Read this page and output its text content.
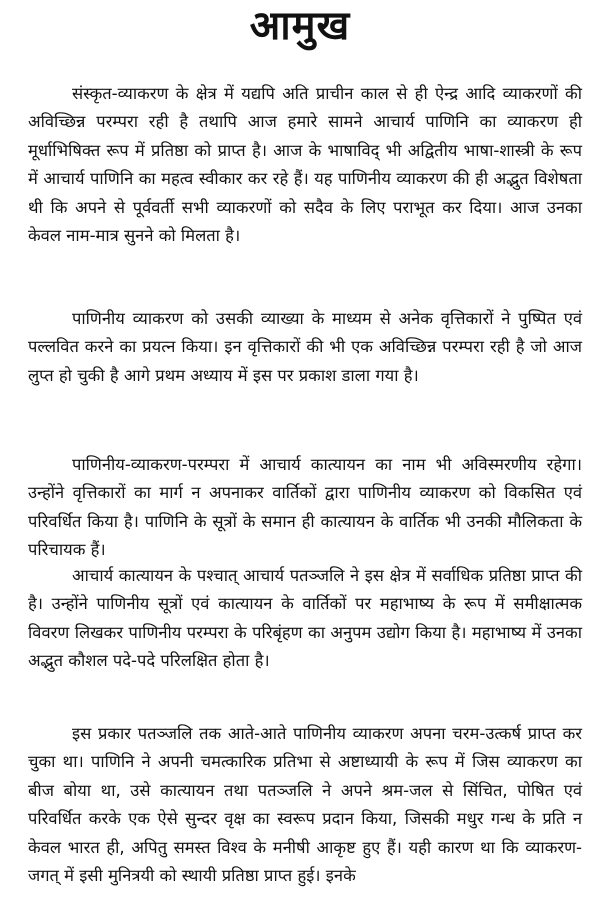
आमुख

संस्कृत-व्याकरण के क्षेत्र में यद्यपि अति प्राचीन काल से ही ऐन्द्र आदि व्याकरणों की अविच्छिन्न परम्परा रही है तथापि आज हमारे सामने आचार्य पाणिनि का व्याकरण ही मूर्धाभिषिक्त रूप में प्रतिष्ठा को प्राप्त है। आज के भाषाविद् भी अद्वितीय भाषा-शास्त्री के रूप में आचार्य पाणिनि का महत्व स्वीकार कर रहे हैं। यह पाणिनीय व्याकरण की ही अद्भुत विशेषता थी कि अपने से पूर्ववर्ती सभी व्याकरणों को सदैव के लिए पराभूत कर दिया। आज उनका केवल नाम-मात्र सुनने को मिलता है।

पाणिनीय व्याकरण को उसकी व्याख्या के माध्यम से अनेक वृत्तिकारों ने पुष्पित एवं पल्लवित करने का प्रयत्न किया। इन वृत्तिकारों की भी एक अविच्छिन्न परम्परा रही है जो आज लुप्त हो चुकी है आगे प्रथम अध्याय में इस पर प्रकाश डाला गया है।

पाणिनीय-व्याकरण-परम्परा में आचार्य कात्यायन का नाम भी अविस्मरणीय रहेगा। उन्होंने वृत्तिकारों का मार्ग न अपनाकर वार्तिकों द्वारा पाणिनीय व्याकरण को विकसित एवं परिवर्धित किया है। पाणिनि के सूत्रों के समान ही कात्यायन के वार्तिक भी उनकी मौलिकता के परिचायक हैं।

आचार्य कात्यायन के पश्चात् आचार्य पतञ्जलि ने इस क्षेत्र में सर्वाधिक प्रतिष्ठा प्राप्त की है। उन्होंने पाणिनीय सूत्रों एवं कात्यायन के वार्तिकों पर महाभाष्य के रूप में समीक्षात्मक विवरण लिखकर पाणिनीय परम्परा के परिबृंहण का अनुपम उद्योग किया है। महाभाष्य में उनका अद्भुत कौशल पदे-पदे परिलक्षित होता है।

इस प्रकार पतञ्जलि तक आते-आते पाणिनीय व्याकरण अपना चरम-उत्कर्ष प्राप्त कर चुका था। पाणिनि ने अपनी चमत्कारिक प्रतिभा से अष्टाध्यायी के रूप में जिस व्याकरण का बीज बोया था, उसे कात्यायन तथा पतञ्जलि ने अपने श्रम-जल से सिंचित, पोषित एवं परिवर्धित करके एक ऐसे सुन्दर वृक्ष का स्वरूप प्रदान किया, जिसकी मधुर गन्ध के प्रति न केवल भारत ही, अपितु समस्त विश्व के मनीषी आकृष्ट हुए हैं। यही कारण था कि व्याकरण-जगत् में इसी मुनित्रयी को स्थायी प्रतिष्ठा प्राप्त हुई। इनके
